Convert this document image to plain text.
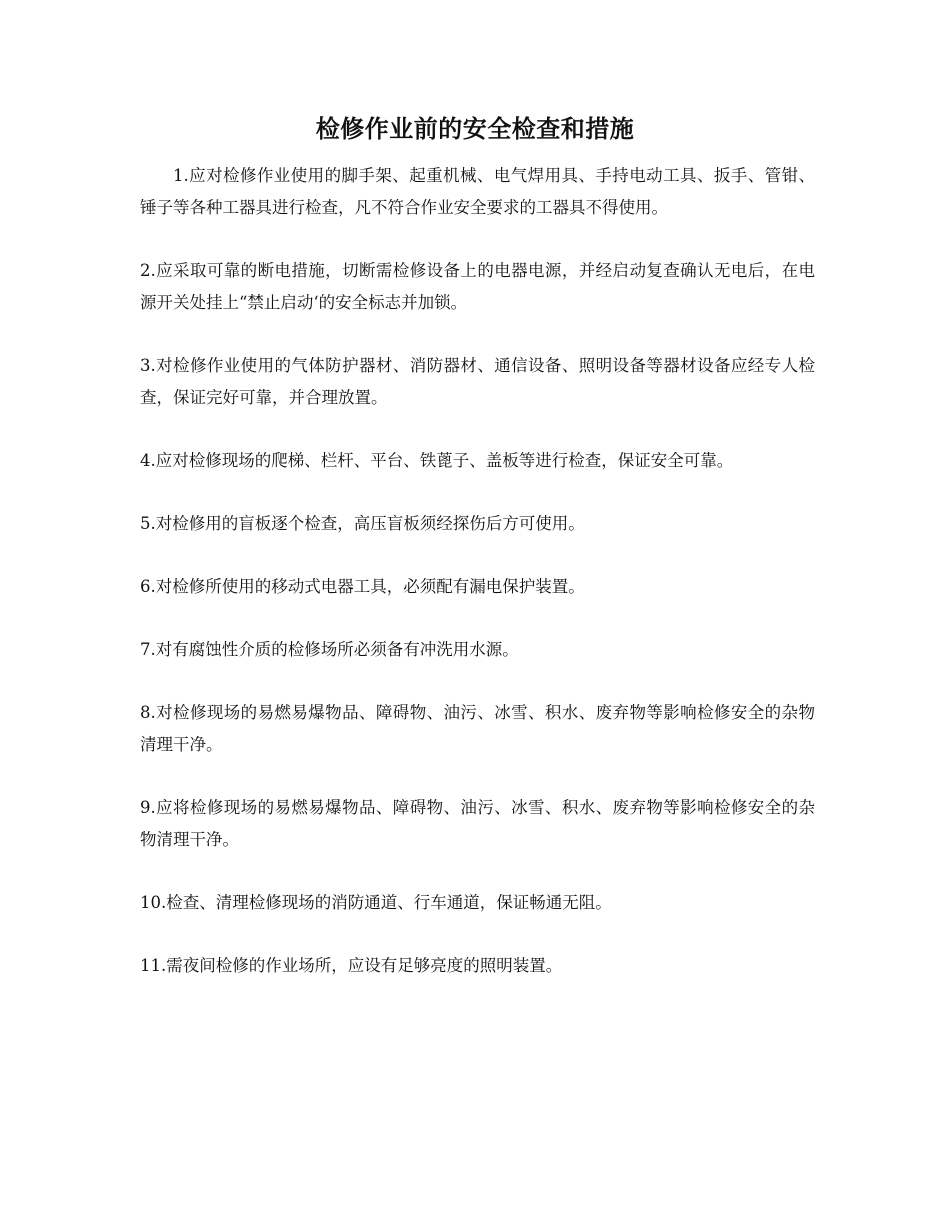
检修作业前的安全检查和措施

1.应对检修作业使用的脚手架、起重机械、电气焊用具、手持电动工具、扳手、管钳、锤子等各种工器具进行检查，凡不符合作业安全要求的工器具不得使用。

2.应采取可靠的断电措施，切断需检修设备上的电器电源，并经启动复查确认无电后，在电源开关处挂上“禁止启动‘的安全标志并加锁。

3.对检修作业使用的气体防护器材、消防器材、通信设备、照明设备等器材设备应经专人检查，保证完好可靠，并合理放置。

4.应对检修现场的爬梯、栏杆、平台、铁蓖子、盖板等进行检查，保证安全可靠。

5.对检修用的盲板逐个检查，高压盲板须经探伤后方可使用。

6.对检修所使用的移动式电器工具，必须配有漏电保护装置。

7.对有腐蚀性介质的检修场所必须备有冲洗用水源。

8.对检修现场的易燃易爆物品、障碍物、油污、冰雪、积水、废弃物等影响检修安全的杂物清理干净。

9.应将检修现场的易燃易爆物品、障碍物、油污、冰雪、积水、废弃物等影响检修安全的杂物清理干净。

10.检查、清理检修现场的消防通道、行车通道，保证畅通无阻。

11.需夜间检修的作业场所，应设有足够亮度的照明装置。
